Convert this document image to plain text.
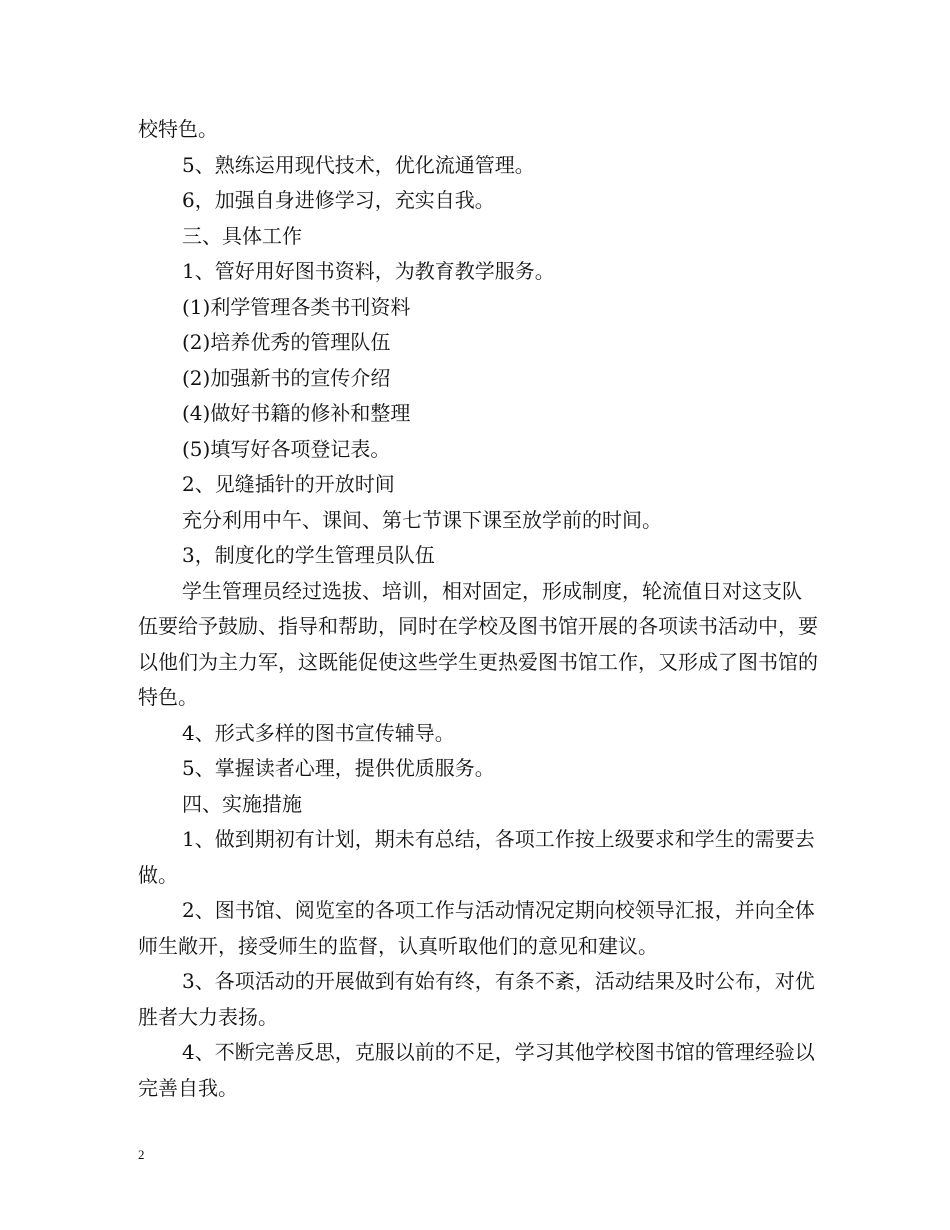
校特色。

5、熟练运用现代技术，优化流通管理。

6，加强自身进修学习，充实自我。

三、具体工作

1、管好用好图书资料，为教育教学服务。

(1)利学管理各类书刊资料

(2)培养优秀的管理队伍

(2)加强新书的宣传介绍

(4)做好书籍的修补和整理

(5)填写好各项登记表。

2、见缝插针的开放时间

充分利用中午、课间、第七节课下课至放学前的时间。

3，制度化的学生管理员队伍

学生管理员经过选拔、培训，相对固定，形成制度，轮流值日对这支队伍要给予鼓励、指导和帮助，同时在学校及图书馆开展的各项读书活动中，要以他们为主力军，这既能促使这些学生更热爱图书馆工作，又形成了图书馆的特色。

4、形式多样的图书宣传辅导。

5、掌握读者心理，提供优质服务。

四、实施措施

1、做到期初有计划，期未有总结，各项工作按上级要求和学生的需要去做。

2、图书馆、阅览室的各项工作与活动情况定期向校领导汇报，并向全体师生敞开，接受师生的监督，认真听取他们的意见和建议。

3、各项活动的开展做到有始有终，有条不紊，活动结果及时公布，对优胜者大力表扬。

4、不断完善反思，克服以前的不足，学习其他学校图书馆的管理经验以完善自我。

2
